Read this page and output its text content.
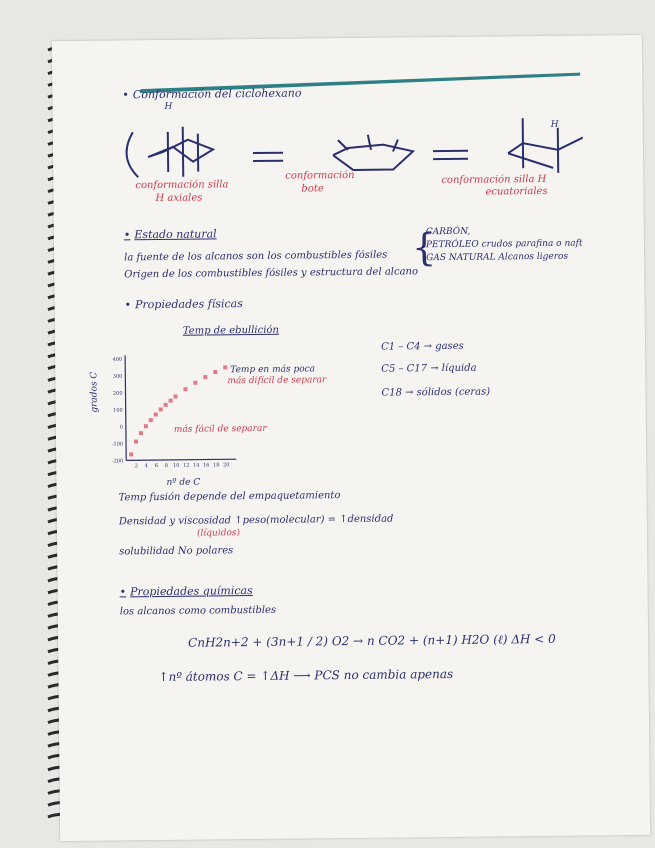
• Conformación del ciclohexano
H
H
conformación silla
H axiales
conformación
bote
conformación silla H
ecuatoriales
• Estado natural
la fuente de los alcanos son los combustibles fósiles
Origen de los combustibles fósiles y estructura del alcano
{
CARBÓN,
PETRÓLEO crudos parafina o naft
GAS NATURAL Alcanos ligeros
• Propiedades físicas
Temp de ebullición
400
300
200
100
0
-100
-200
2 4 6 8 10 12 14 16 18 20
grados C
nº de C
Temp en más poca
más difícil de separar
más fácil de separar
C1 – C4 → gases
C5 – C17 → líquida
C18 → sólidos (ceras)
Temp fusión depende del empaquetamiento
Densidad y viscosidad ↑peso(molecular) = ↑densidad
(líquidos)
solubilidad No polares
• Propiedades químicas
los alcanos como combustibles
CnH2n+2 + (3n+1 / 2) O2 → n CO2 + (n+1) H2O (ℓ) ΔH < 0
↑nº átomos C = ↑ΔH ⟶ PCS no cambia apenas
